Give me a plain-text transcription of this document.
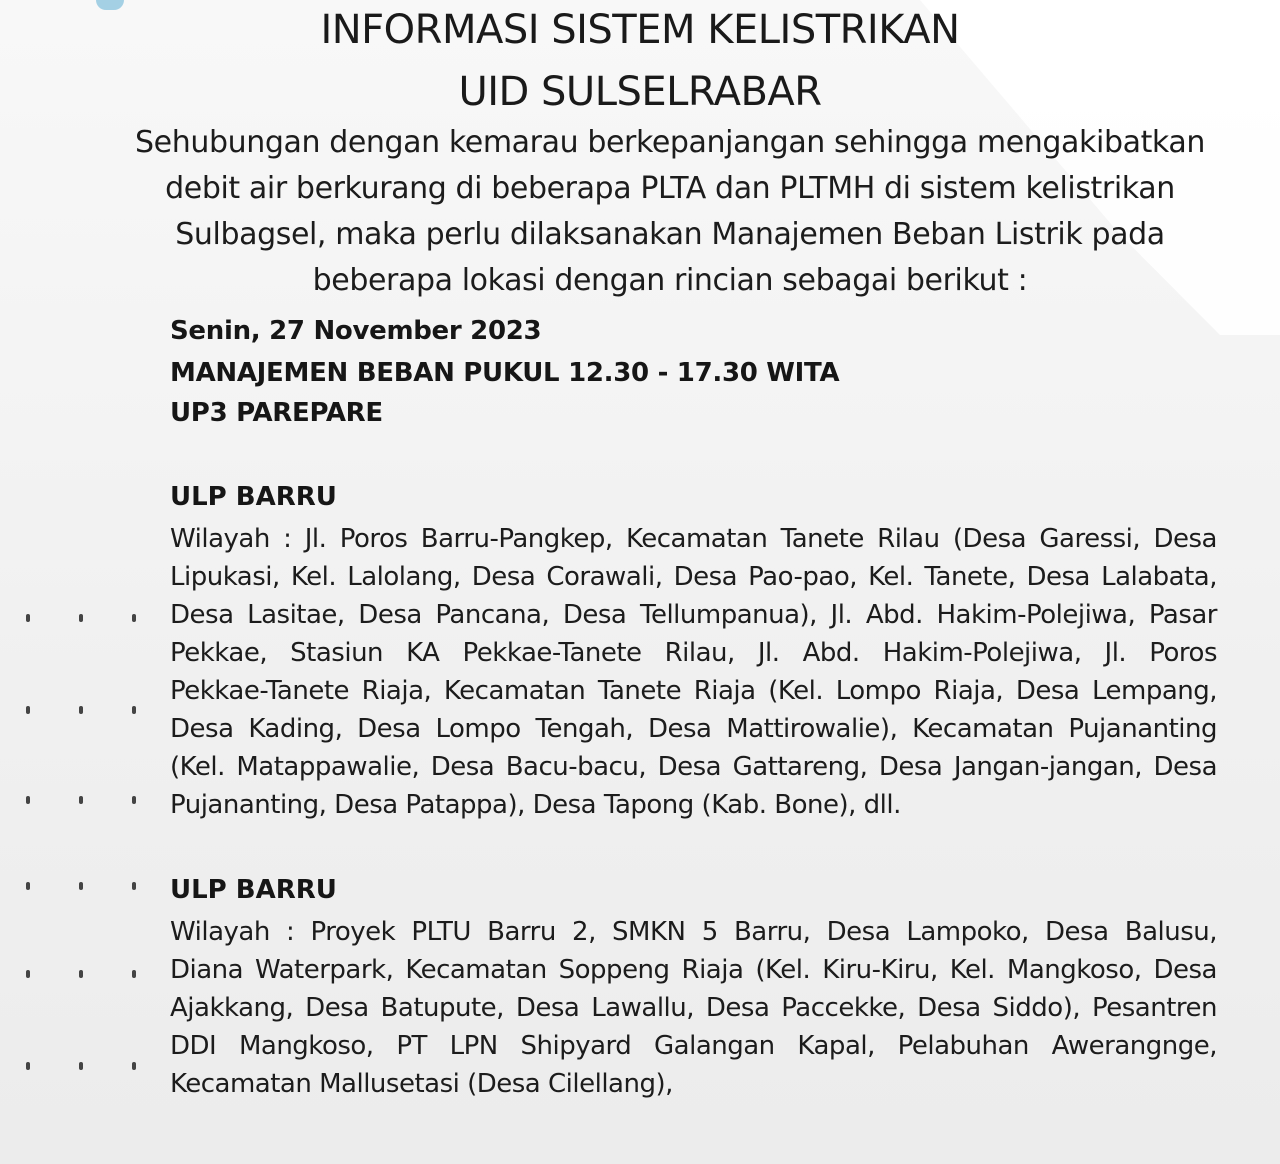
INFORMASI SISTEM KELISTRIKAN
UID SULSELRABAR
Sehubungan dengan kemarau berkepanjangan sehingga mengakibatkan
debit air berkurang di beberapa PLTA dan PLTMH di sistem kelistrikan
Sulbagsel, maka perlu dilaksanakan Manajemen Beban Listrik pada
beberapa lokasi dengan rincian sebagai berikut :
Senin, 27 November 2023
MANAJEMEN BEBAN PUKUL 12.30 - 17.30 WITA
UP3 PAREPARE
ULP BARRU
Wilayah : Jl. Poros Barru-Pangkep, Kecamatan Tanete Rilau (Desa Garessi, Desa
Lipukasi, Kel. Lalolang, Desa Corawali, Desa Pao-pao, Kel. Tanete, Desa Lalabata,
Desa Lasitae, Desa Pancana, Desa Tellumpanua), Jl. Abd. Hakim-Polejiwa, Pasar
Pekkae, Stasiun KA Pekkae-Tanete Rilau, Jl. Abd. Hakim-Polejiwa, Jl. Poros
Pekkae-Tanete Riaja, Kecamatan Tanete Riaja (Kel. Lompo Riaja, Desa Lempang,
Desa Kading, Desa Lompo Tengah, Desa Mattirowalie), Kecamatan Pujananting
(Kel. Matappawalie, Desa Bacu-bacu, Desa Gattareng, Desa Jangan-jangan, Desa
Pujananting, Desa Patappa), Desa Tapong (Kab. Bone), dll.
ULP BARRU
Wilayah : Proyek PLTU Barru 2, SMKN 5 Barru, Desa Lampoko, Desa Balusu,
Diana Waterpark, Kecamatan Soppeng Riaja (Kel. Kiru-Kiru, Kel. Mangkoso, Desa
Ajakkang, Desa Batupute, Desa Lawallu, Desa Paccekke, Desa Siddo), Pesantren
DDI Mangkoso, PT LPN Shipyard Galangan Kapal, Pelabuhan Awerangnge,
Kecamatan Mallusetasi (Desa Cilellang),
